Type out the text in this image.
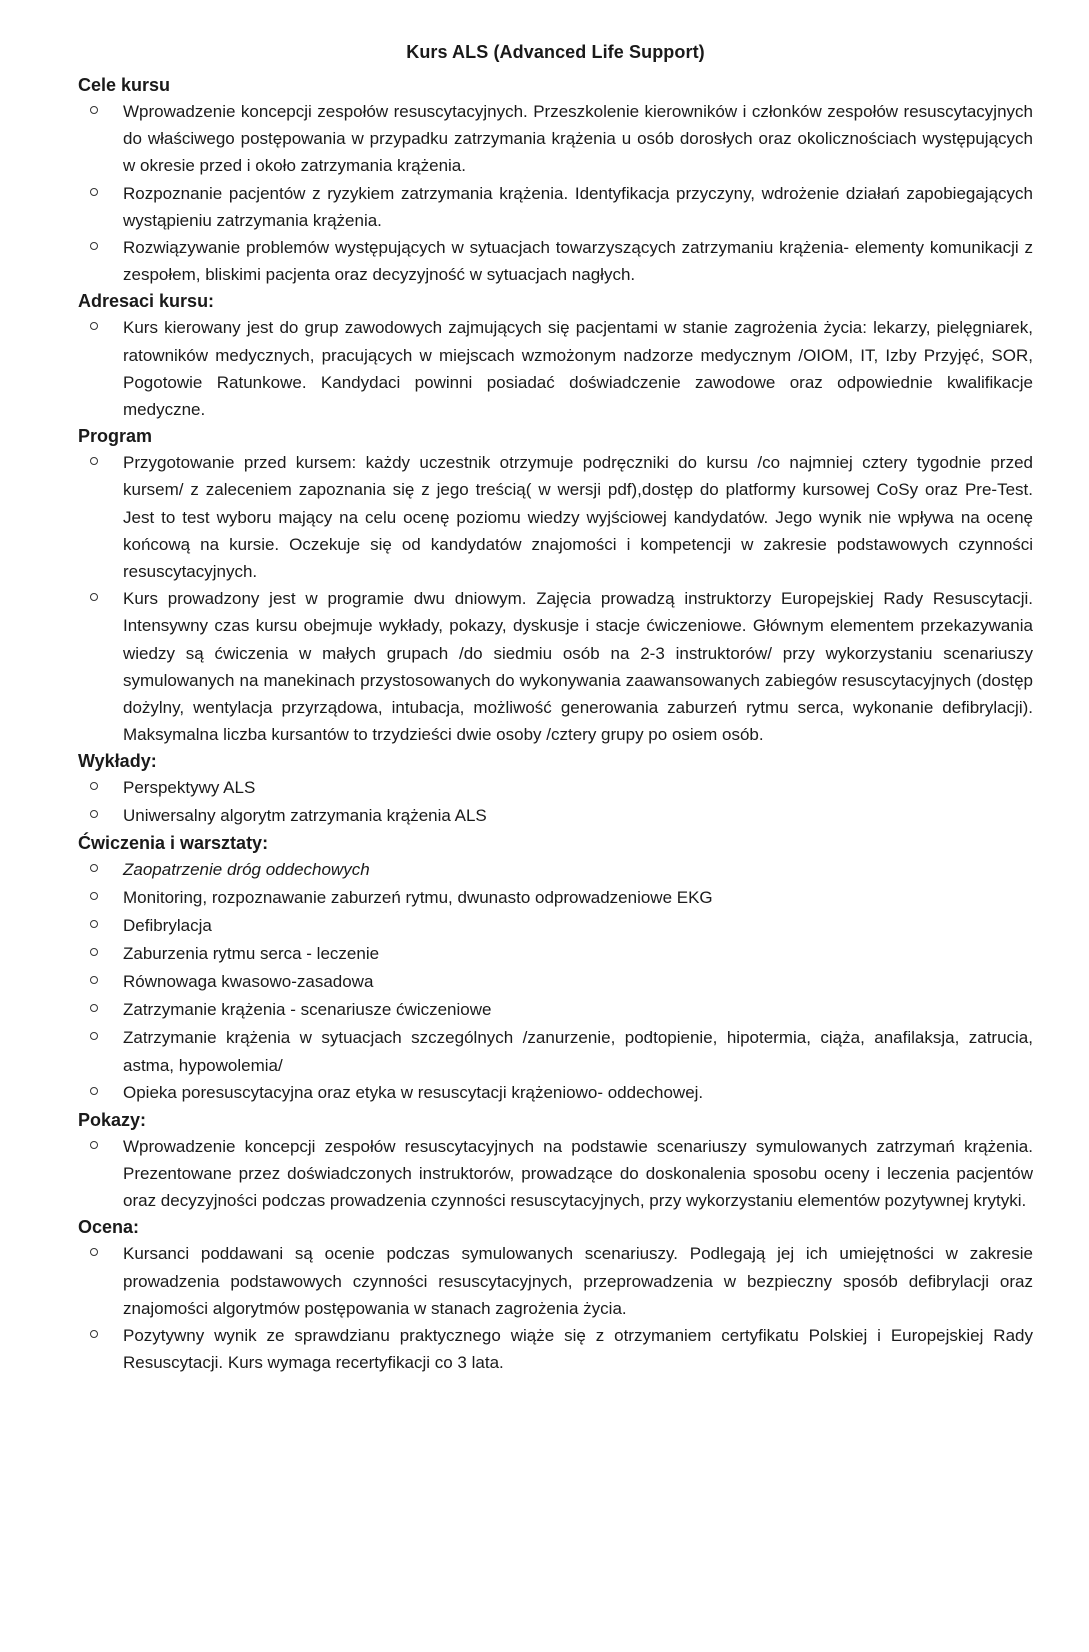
Kurs ALS (Advanced Life Support)
Cele kursu
Wprowadzenie koncepcji zespołów resuscytacyjnych. Przeszkolenie kierowników i członków zespołów resuscytacyjnych do właściwego postępowania w przypadku zatrzymania krążenia u osób dorosłych oraz okolicznościach występujących w okresie przed i około zatrzymania krążenia.
Rozpoznanie pacjentów z ryzykiem zatrzymania krążenia. Identyfikacja przyczyny, wdrożenie działań zapobiegających wystąpieniu zatrzymania krążenia.
Rozwiązywanie problemów występujących w sytuacjach towarzyszących zatrzymaniu krążenia- elementy komunikacji z zespołem, bliskimi pacjenta oraz decyzyjność w sytuacjach nagłych.
Adresaci kursu:
Kurs kierowany jest do grup zawodowych zajmujących się pacjentami w stanie zagrożenia życia: lekarzy, pielęgniarek, ratowników medycznych, pracujących w miejscach wzmożonym nadzorze medycznym /OIOM, IT, Izby Przyjęć, SOR, Pogotowie Ratunkowe. Kandydaci powinni posiadać doświadczenie zawodowe oraz odpowiednie kwalifikacje medyczne.
Program
Przygotowanie przed kursem: każdy uczestnik otrzymuje podręczniki do kursu /co najmniej cztery tygodnie przed kursem/ z zaleceniem zapoznania się z jego treścią( w wersji pdf),dostęp do platformy kursowej CoSy oraz Pre-Test. Jest to test wyboru mający na celu ocenę poziomu wiedzy wyjściowej kandydatów. Jego wynik nie wpływa na ocenę końcową na kursie. Oczekuje się od kandydatów znajomości i kompetencji w zakresie podstawowych czynności resuscytacyjnych.
Kurs prowadzony jest w programie dwu dniowym. Zajęcia prowadzą instruktorzy Europejskiej Rady Resuscytacji. Intensywny czas kursu obejmuje wykłady, pokazy, dyskusje i stacje ćwiczeniowe. Głównym elementem przekazywania wiedzy są ćwiczenia w małych grupach /do siedmiu osób na 2-3 instruktorów/ przy wykorzystaniu scenariuszy symulowanych na manekinach przystosowanych do wykonywania zaawansowanych zabiegów resuscytacyjnych (dostęp dożylny, wentylacja przyrządowa, intubacja, możliwość generowania zaburzeń rytmu serca, wykonanie defibrylacji). Maksymalna liczba kursantów to trzydzieści dwie osoby /cztery grupy po osiem osób.
Wykłady:
Perspektywy ALS
Uniwersalny algorytm zatrzymania krążenia ALS
Ćwiczenia i warsztaty:
Zaopatrzenie dróg oddechowych
Monitoring, rozpoznawanie zaburzeń rytmu, dwunasto odprowadzeniowe EKG
Defibrylacja
Zaburzenia rytmu serca - leczenie
Równowaga kwasowo-zasadowa
Zatrzymanie krążenia - scenariusze ćwiczeniowe
Zatrzymanie krążenia w sytuacjach szczególnych /zanurzenie, podtopienie, hipotermia, ciąża, anafilaksja, zatrucia, astma, hypowolemia/
Opieka poresuscytacyjna oraz etyka w resuscytacji krążeniowo- oddechowej.
Pokazy:
Wprowadzenie koncepcji zespołów resuscytacyjnych na podstawie scenariuszy symulowanych zatrzymań krążenia. Prezentowane przez doświadczonych instruktorów, prowadzące do doskonalenia sposobu oceny i leczenia pacjentów oraz decyzyjności podczas prowadzenia czynności resuscytacyjnych, przy wykorzystaniu elementów pozytywnej krytyki.
Ocena:
Kursanci poddawani są ocenie podczas symulowanych scenariuszy. Podlegają jej ich umiejętności w zakresie prowadzenia podstawowych czynności resuscytacyjnych, przeprowadzenia w bezpieczny sposób defibrylacji oraz znajomości algorytmów postępowania w stanach zagrożenia życia.
Pozytywny wynik ze sprawdzianu praktycznego wiąże się z otrzymaniem certyfikatu Polskiej i Europejskiej Rady Resuscytacji. Kurs wymaga recertyfikacji co 3 lata.
